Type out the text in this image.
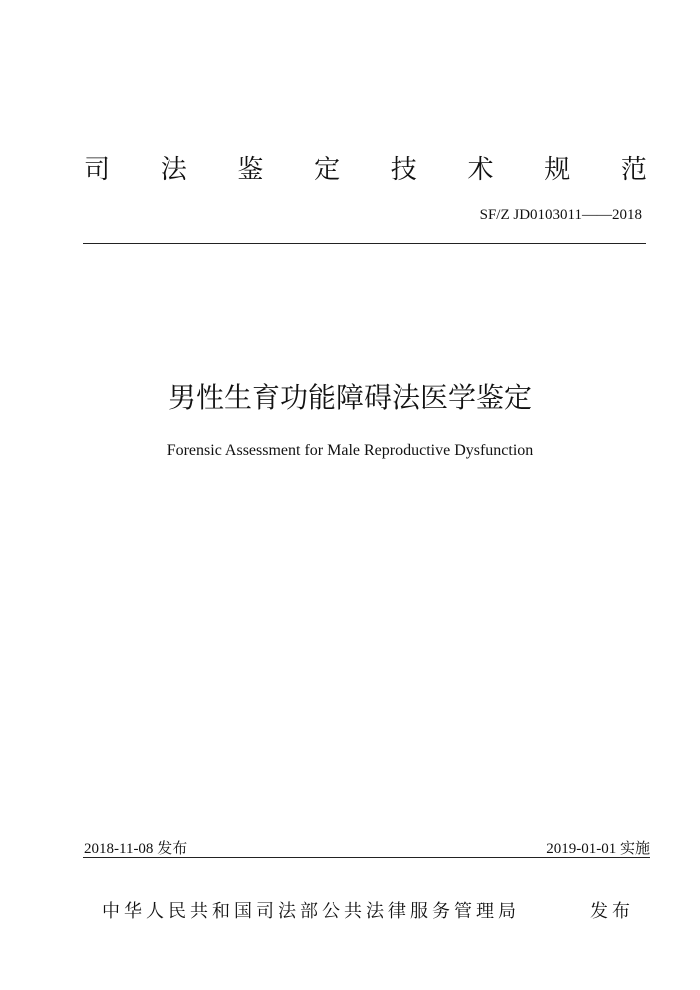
司 法 鉴 定 技 术 规 范
SF/Z JD0103011——2018
男性生育功能障碍法医学鉴定
Forensic Assessment for Male Reproductive Dysfunction
2018-11-08 发布	2019-01-01 实施
中华人民共和国司法部公共法律服务管理局	发布
